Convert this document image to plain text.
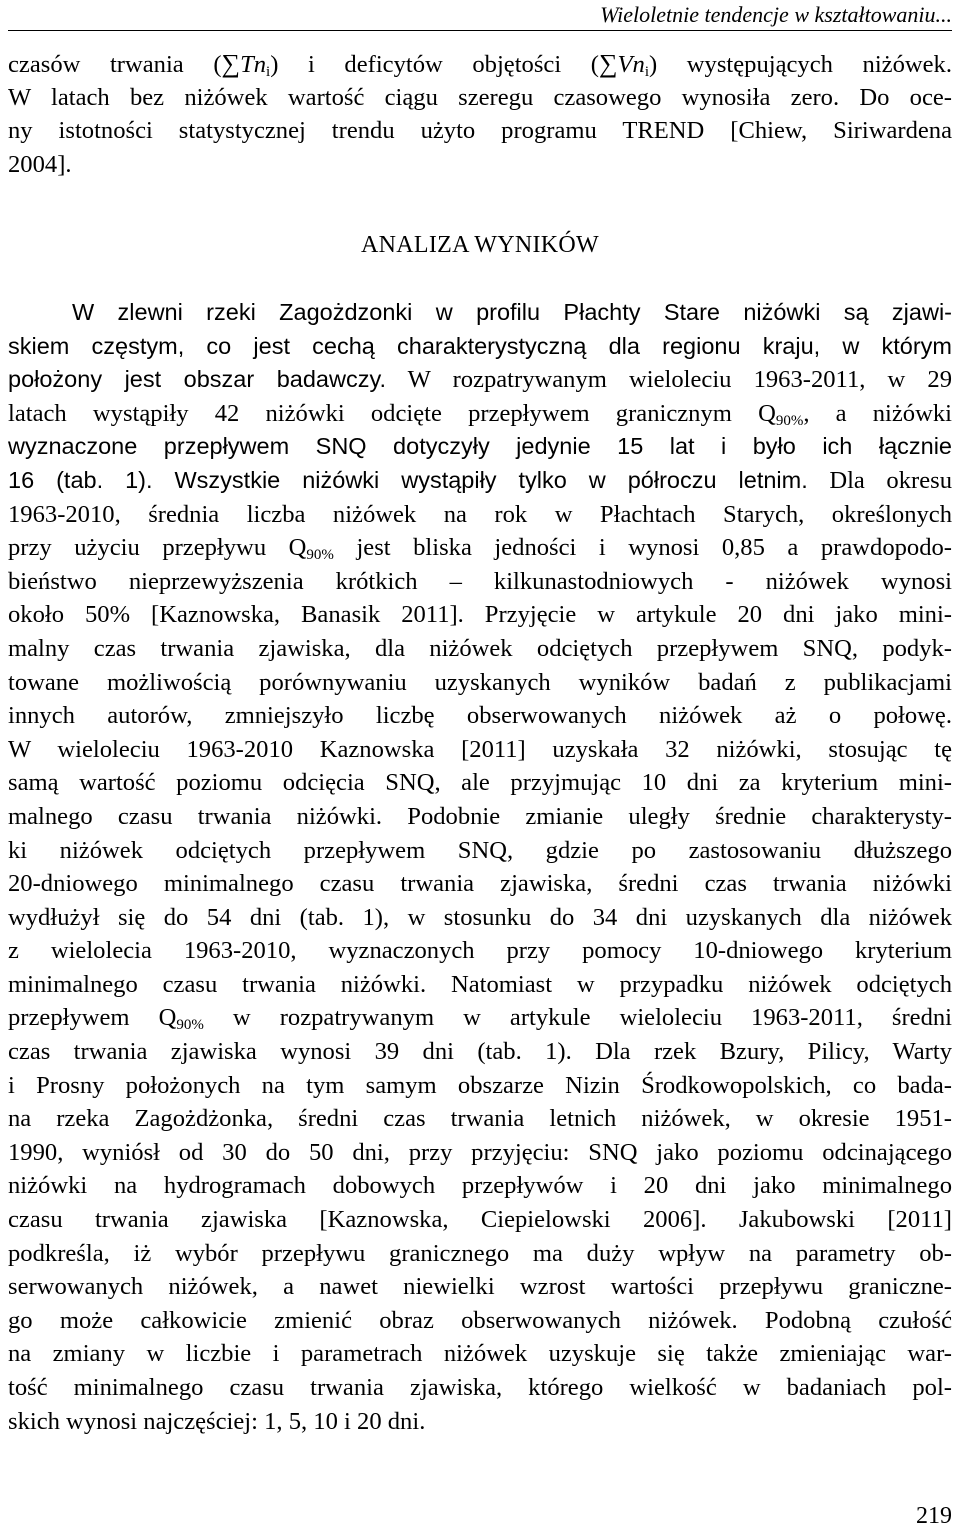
Wieloletnie tendencje w kształtowaniu...
czasów trwania $(\sum Tn_i)$ i deficytów objętości $(\sum Vn_i)$ występujących niżówek.
W latach bez niżówek wartość ciągu szeregu czasowego wynosiła zero. Do oce-
ny istotności statystycznej trendu użyto programu TREND [Chiew, Siriwardena
2004].
ANALIZA WYNIKÓW
W zlewni rzeki Zagożdzonki w profilu Płachty Stare niżówki są zjawi-
skiem częstym, co jest cechą charakterystyczną dla regionu kraju, w którym
położony jest obszar badawczy. W rozpatrywanym wieloleciu 1963-2011, w 29
latach wystąpiły 42 niżówki odcięte przepływem granicznym $Q_{90\%}$, a niżówki
wyznaczone przepływem SNQ dotyczyły jedynie 15 lat i było ich łącznie
16 (tab. 1). Wszystkie niżówki wystąpiły tylko w półroczu letnim. Dla okresu
1963-2010, średnia liczba niżówek na rok w Płachtach Starych, określonych
przy użyciu przepływu $Q_{90\%}$ jest bliska jedności i wynosi 0,85 a prawdopodo-
bieństwo nieprzewyższenia krótkich – kilkunastodniowych - niżówek wynosi
około 50% [Kaznowska, Banasik 2011]. Przyjęcie w artykule 20 dni jako mini-
malny czas trwania zjawiska, dla niżówek odciętych przepływem SNQ, podyk-
towane możliwością porównywaniu uzyskanych wyników badań z publikacjami
innych autorów, zmniejszyło liczbę obserwowanych niżówek aż o połowę.
W wieloleciu 1963-2010 Kaznowska [2011] uzyskała 32 niżówki, stosując tę
samą wartość poziomu odcięcia SNQ, ale przyjmując 10 dni za kryterium mini-
malnego czasu trwania niżówki. Podobnie zmianie uległy średnie charakterysty-
ki niżówek odciętych przepływem SNQ, gdzie po zastosowaniu dłuższego
20-dniowego minimalnego czasu trwania zjawiska, średni czas trwania niżówki
wydłużył się do 54 dni (tab. 1), w stosunku do 34 dni uzyskanych dla niżówek
z wielolecia 1963-2010, wyznaczonych przy pomocy 10-dniowego kryterium
minimalnego czasu trwania niżówki. Natomiast w przypadku niżówek odciętych
przepływem $Q_{90\%}$ w rozpatrywanym w artykule wieloleciu 1963-2011, średni
czas trwania zjawiska wynosi 39 dni (tab. 1). Dla rzek Bzury, Pilicy, Warty
i Prosny położonych na tym samym obszarze Nizin Środkowopolskich, co bada-
na rzeka Zagożdżonka, średni czas trwania letnich niżówek, w okresie 1951-
1990, wyniósł od 30 do 50 dni, przy przyjęciu: SNQ jako poziomu odcinającego
niżówki na hydrogramach dobowych przepływów i 20 dni jako minimalnego
czasu trwania zjawiska [Kaznowska, Ciepielowski 2006]. Jakubowski [2011]
podkreśla, iż wybór przepływu granicznego ma duży wpływ na parametry ob-
serwowanych niżówek, a nawet niewielki wzrost wartości przepływu graniczne-
go może całkowicie zmienić obraz obserwowanych niżówek. Podobną czułość
na zmiany w liczbie i parametrach niżówek uzyskuje się także zmieniając war-
tość minimalnego czasu trwania zjawiska, którego wielkość w badaniach pol-
skich wynosi najczęściej: 1, 5, 10 i 20 dni.
219
